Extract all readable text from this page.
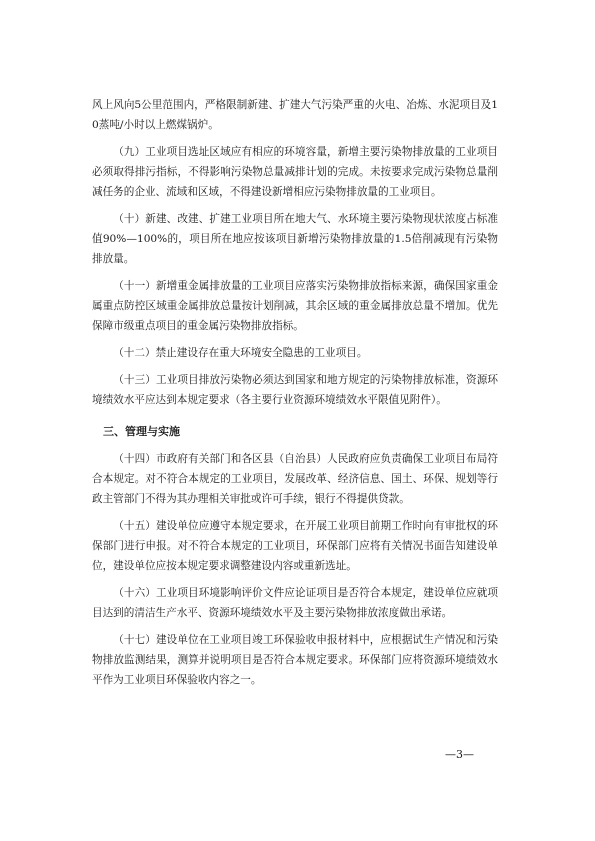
风上风向5公里范围内，严格限制新建、扩建大气污染严重的火电、冶炼、水泥项目及10蒸吨/小时以上燃煤锅炉。

（九）工业项目选址区域应有相应的环境容量，新增主要污染物排放量的工业项目必须取得排污指标，不得影响污染物总量减排计划的完成。未按要求完成污染物总量削减任务的企业、流域和区域，不得建设新增相应污染物排放量的工业项目。

（十）新建、改建、扩建工业项目所在地大气、水环境主要污染物现状浓度占标准值90%—100%的，项目所在地应按该项目新增污染物排放量的1.5倍削减现有污染物排放量。

（十一）新增重金属排放量的工业项目应落实污染物排放指标来源，确保国家重金属重点防控区域重金属排放总量按计划削减，其余区域的重金属排放总量不增加。优先保障市级重点项目的重金属污染物排放指标。

（十二）禁止建设存在重大环境安全隐患的工业项目。

（十三）工业项目排放污染物必须达到国家和地方规定的污染物排放标准，资源环境绩效水平应达到本规定要求（各主要行业资源环境绩效水平限值见附件）。

三、管理与实施

（十四）市政府有关部门和各区县（自治县）人民政府应负责确保工业项目布局符合本规定。对不符合本规定的工业项目，发展改革、经济信息、国土、环保、规划等行政主管部门不得为其办理相关审批或许可手续，银行不得提供贷款。

（十五）建设单位应遵守本规定要求，在开展工业项目前期工作时向有审批权的环保部门进行申报。对不符合本规定的工业项目，环保部门应将有关情况书面告知建设单位，建设单位应按本规定要求调整建设内容或重新选址。

（十六）工业项目环境影响评价文件应论证项目是否符合本规定，建设单位应就项目达到的清洁生产水平、资源环境绩效水平及主要污染物排放浓度做出承诺。

（十七）建设单位在工业项目竣工环保验收申报材料中，应根据试生产情况和污染物排放监测结果，测算并说明项目是否符合本规定要求。环保部门应将资源环境绩效水平作为工业项目环保验收内容之一。

—3—
